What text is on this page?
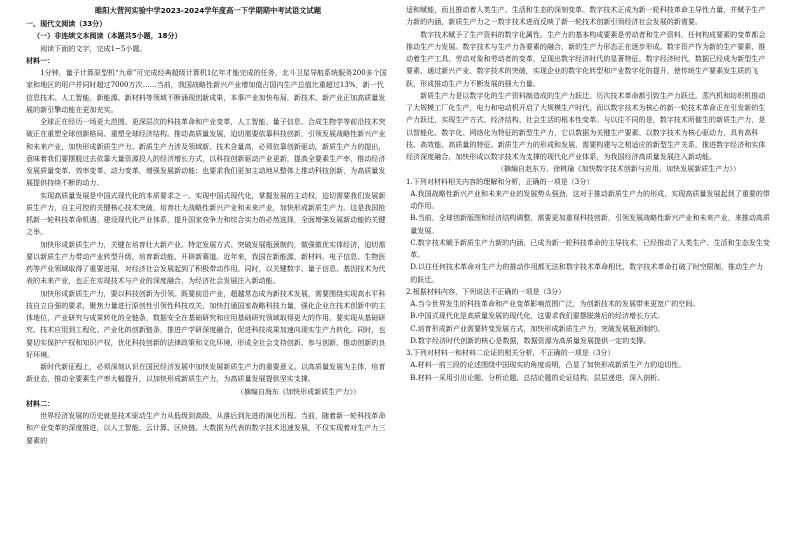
睢阳大营河实验中学2023-2024学年度高一下学期期中考试语文试题
一、现代文阅读（33分）
（一）非连续文本阅读（本题共5小题，18分）

阅读下面的文字，完成1~5小题。

材料一：

1分钟，量子计算原型机“九章”可完成经典超级计算机1亿年才能完成的任务，北斗卫星导航系统服务200多个国家和地区的用户并同时超过7000万次……当前，我国战略性新兴产业增加值占国内生产总值比重超过13%，新一代信息技术、人工智能、新能源、新材料等领域不断涌现创新成果，本事产业加快布局，新技术、新产业正加高质量发展的新引擎动能在更加充实。

全球正在经历一场更大范围、更深层次的科技革命和产业变革，人工智能、量子信息、合成生物学等前沿技术突破正在重塑全球创新格局、重塑全球经济结构。推动高质量发展，迫切需要依靠科技创新，引领发展战略性新兴产业和未来产业，加快形成新质生产力。新质生产力涉及领域新、技术含量高，必须依靠创新驱动。新质生产力的提出，意味着我们要摆脱过去依靠大量资源投入的经济增长方式，以科技创新驱动产业更新，提高全要素生产率，推动经济发展质量变革、效率变革、动力变革，增强发展新动能；也要求我们更加主动地从整体上推动科技创新，为高质量发展提供持续不断的动力。

实现高质量发展是中国式现代化的本质要求之一。实现中国式现代化，掌握发展的主动权，迫切需要我们发展新质生产力，自主可控的关键核心技术突破，培育壮大战略性新兴产业和未来产业，加快形成新质生产力。这是我国抢抓新一轮科技革命机遇、建设现代化产业体系，提升国家竞争力和综合实力的必然选择，全面增强发展新动能的关键之举。

加快形成新质生产力，关键在培育壮大新产业。特定发展方式、突破发展瓶颈制约，做强做优实体经济，迫切需要以新质生产力带动产业转型升级，培育新动能、开辟新赛道。近年来，我国在新能源、新材料、电子信息、生物医药等产业领域取得了重要进展，对经济社会发展起到了积极带动作用。同时，以关键数字、量子信息、基因技术为代表的未来产业，也正在实现技术与产业的深度融合，为经济社会发展注入新动能。

加快形成新质生产力，要以科技创新为引领。既要前沿产业，超越常态成为新技术发展，需要围绕实现高水平科技自立自强的要求，聚焦力量进行原创性引领性科技攻关，加快打通国家战略科技力量，强化企业在技术创新中的主体地位，产业研究与成果转化的全链条，数据安全在基础研究和应用基础研究领域取得更大的作用。要实现从基础研究、技术应用到工程化、产业化的创新链条，推进产学研深度融合，促进科技成果加速向现实生产力转化。同时，也要切实保护产权和知识产权，优化科技创新的法律政策和文化环境，形成全社会支持创新、参与创新、推动创新的良好环境。

新时代新征程上，必须深刻认识在国民经济发展中加快发展新质生产力的重要意义。以高质量发展为主体，培育新业态，推动全要素生产率大幅提升，以加快形成新质生产力，为高质量发展提供坚实支撑。

（摘编自海东《加快形成新质生产力》）

材料二：

世界经济发展的历史就是技术驱动生产力从低级到高级、从落后到先进的演化历程。当前，随着新一轮科技革命和产业变革的深度推进，以人工智能、云计算、区块链、大数据为代表的数字技术迅速发展，不仅实现着对生产力三要素的

适和赋能，而且推动着人类生产、生活和生态的深刻变革。数字技术正成为新一轮科技革命主导性力量，并赋予生产力新的内涵，新质生产力之一数字技术进而反映了新一轮技术创新引领经济社会发展的新需要。

数字技术赋予了生产资料的数字化属性。生产力的基本构成要素是劳动者和生产资料，任何构成要素的变革都会推动生产力发展。数字技术与生产力各要素的融合，新的生产力形态正在逐步形成。数字资产作为新的生产要素，推动着生产工具、劳动对象和劳动者的变革，呈现出数字经济时代的显著特征。数字经济时代，数据已经成为新型生产要素，通过新兴产业、数字技术的突破，实现企业的数字化转型和产业数字化的提升，使传统生产要素发生质的飞跃，形成推动生产力不断发展的强大力量。

新质生产力是以数字化的生产资料制造成的生产力跃迁。历次技术革命都引致生产力跃迁。蒸汽机和纺织机推动了大规模工厂化生产，电力和电动机开启了大规模生产时代。而以数字技术为核心的新一轮技术革命正在引发新的生产力跃迁，实现生产方式、经济结构、社会生活的根本性变革。与以往不同的是，数字技术所催生的新质生产力，是以智能化、数字化、网络化为特征的新型生产力，它以数据为关键生产要素、以数字技术为核心驱动力，具有高科技、高效能、高质量的特征。新质生产力的形成和发展，需要构建与之相适应的新型生产关系，推进数字经济和实体经济深度融合，加快形成以数字技术为支撑的现代化产业体系，为我国经济高质量发展注入新动能。

（摘编自赵东方、徐桃瑜《加快数字技术创新与应用，加快发展新质生产力》）

1.下列对材料相关内容的理解和分析，正确的一项是（3分）

A.我国战略性新兴产业和未来产业的发展势头强劲，这对于推动新质生产力的形成，实现高质量发展起到了重要的带动作用。

B.当前，全球创新版图和经济结构调整，需要更加重视科技创新，引领发展战略性新兴产业和未来产业，来推动高质量发展。

C.数字技术赋予新质生产力新的内涵，已成为新一轮科技革命的主导技术，已经推动了人类生产、生活和生态发生变革。

D.以往任何技术革命对生产力的推动作用都无法和数字技术革命相比，数字技术革命打破了时空限制，推动生产力的跃迁。

2.根据材料内容，下列说法不正确的一项是（3分）

A.当今世界发生的科技革命和产业变革影响范围广泛，为创新技术的发展带来更宽广的空间。

B.中国式现代化是高质量发展的现代化，这要求我们要摆脱落后的经济增长方式。

C.培育形成新产业需要转变发展方式，加快形成新质生产力，突破发展瓶颈制约。

D.数字经济时代创新的核心是数据，数据资源为高质量发展提供一定的支撑。

3.下列对材料一和材料二论证的相关分析，不正确的一项是（3分）

A.材料一前三段的论述围绕中国现实的角度说明，凸显了加快形成新质生产力的迫切性。

B.材料一采用引出论题、分析论题、总结论题的论证结构，层层递进，深入剖析。
